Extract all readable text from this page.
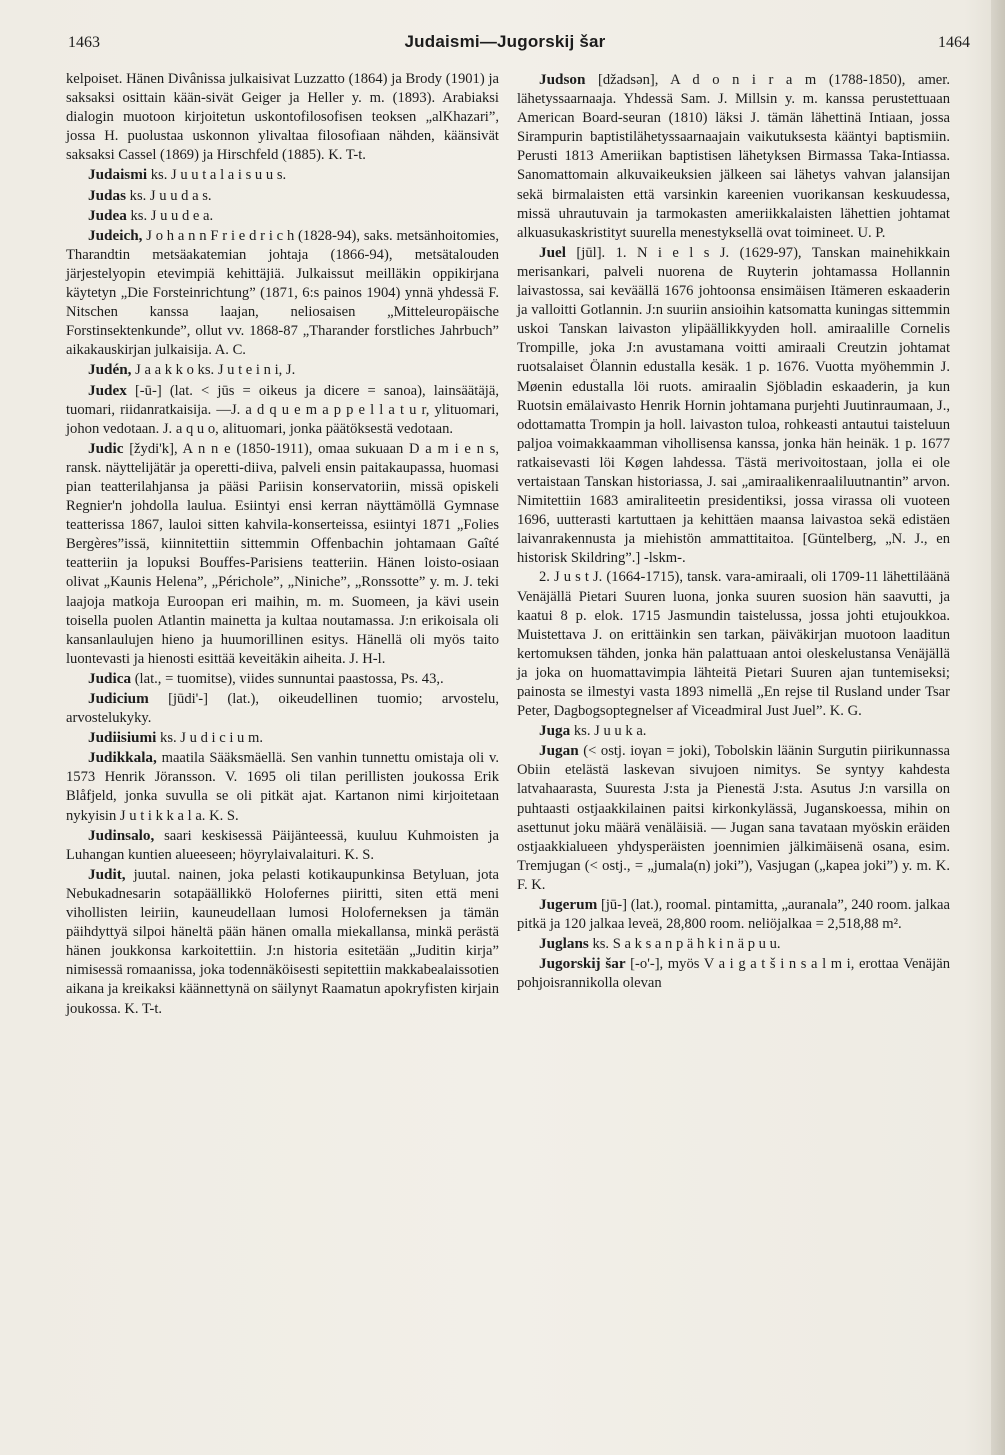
1463	Judaismi—Jugorskij šar	1464

kelpoiset. Hänen Divânissa julkaisivat Luzzatto (1864) ja Brody (1901) ja saksaksi osittain kään-sivät Geiger ja Heller y. m. (1893). Arabiaksi dialogin muotoon kirjoitetun uskontofilosofisen teoksen „alKhazari”, jossa H. puolustaa uskonnon ylivaltaa filosofiaan nähden, käänsivät saksaksi Cassel (1869) ja Hirschfeld (1885). K. T-t.

Judaismi ks. J u u t a l a i s u u s.

Judas ks. J u u d a s.

Judea ks. J u u d e a.

Judeich, J o h a n n F r i e d r i c h (1828-94), saks. metsänhoitomies, Tharandtin metsäakatemian johtaja (1866-94), metsätalouden järjestelyopin etevimpiä kehittäjiä. Julkaissut meilläkin oppikirjana käytetyn „Die Forsteinrichtung” (1871, 6:s painos 1904) ynnä yhdessä F. Nitschen kanssa laajan, neliosaisen „Mitteleuropäische Forstinsektenkunde”, ollut vv. 1868-87 „Tharander forstliches Jahrbuch” aikakauskirjan julkaisija. A. C.

Judén, J a a k k o ks. J u t e i n i, J.

Judex [-ū-] (lat. < jūs = oikeus ja dicere = sanoa), lainsäätäjä, tuomari, riidanratkaisija. —J. a d q u e m a p p e l l a t u r, ylituomari, johon vedotaan. J. a q u o, alituomari, jonka päätöksestä vedotaan.

Judic [žydi'k], A n n e (1850-1911), omaa sukuaan D a m i e n s, ransk. näyttelijätär ja operetti-diiva, palveli ensin paitakaupassa, huomasi pian teatterilahjansa ja pääsi Pariisin konservatoriin, missä opiskeli Regnier'n johdolla laulua. Esiintyi ensi kerran näyttämöllä Gymnase teatterissa 1867, lauloi sitten kahvila-konserteissa, esiintyi 1871 „Folies Bergères”issä, kiinnitettiin sittemmin Offenbachin johtamaan Gaîté teatteriin ja lopuksi Bouffes-Parisiens teatteriin. Hänen loisto-osiaan olivat „Kaunis Helena”, „Périchole”, „Niniche”, „Ronssotte” y. m. J. teki laajoja matkoja Euroopan eri maihin, m. m. Suomeen, ja kävi usein toisella puolen Atlantin mainetta ja kultaa noutamassa. J:n erikoisala oli kansanlaulujen hieno ja huumorillinen esitys. Hänellä oli myös taito luontevasti ja hienosti esittää keveitäkin aiheita. J. H-l.

Judica (lat., = tuomitse), viides sunnuntai paastossa, Ps. 43,.

Judicium [jūdi'-] (lat.), oikeudellinen tuomio; arvostelu, arvostelukyky.

Judiisiumi ks. J u d i c i u m.

Judikkala, maatila Sääksmäellä. Sen vanhin tunnettu omistaja oli v. 1573 Henrik Jöransson. V. 1695 oli tilan perillisten joukossa Erik Blåfjeld, jonka suvulla se oli pitkät ajat. Kartanon nimi kirjoitetaan nykyisin J u t i k k a l a. K. S.

Judinsalo, saari keskisessä Päijänteessä, kuuluu Kuhmoisten ja Luhangan kuntien alueeseen; höyrylaivalaituri. K. S.

Judit, juutal. nainen, joka pelasti kotikaupunkinsa Betyluan, jota Nebukadnesarin sotapäällikkö Holofernes piiritti, siten että meni vihollisten leiriin, kauneudellaan lumosi Holoferneksen ja tämän päihdyttyä silpoi häneltä pään hänen omalla miekallansa, minkä perästä hänen joukkonsa karkoitettiin. J:n historia esitetään „Juditin kirja” nimisessä romaanissa, joka todennäköisesti sepitettiin makkabealaissotien aikana ja kreikaksi käännettynä on säilynyt Raamatun apokryfisten kirjain joukossa. K. T-t.

Judson [džadsən], A d o n i r a m (1788-1850), amer. lähetyssaarnaaja. Yhdessä Sam. J. Millsin y. m. kanssa perustettuaan American Board-seuran (1810) läksi J. tämän lähettinä Intiaan, jossa Sirampurin baptistilähetyssaarnaajain vaikutuksesta kääntyi baptismiin. Perusti 1813 Ameriikan baptistisen lähetyksen Birmassa Taka-Intiassa. Sanomattomain alkuvaikeuksien jälkeen sai lähetys vahvan jalansijan sekä birmalaisten että varsinkin kareenien vuorikansan keskuudessa, missä uhrautuvain ja tarmokasten ameriikkalaisten lähettien johtamat alkuasukaskristityt suurella menestyksellä ovat toimineet. U. P.

Juel [jūl]. 1. N i e l s J. (1629-97), Tanskan mainehikkain merisankari, palveli nuorena de Ruyterin johtamassa Hollannin laivastossa, sai keväällä 1676 johtoonsa ensimäisen Itämeren eskaaderin ja valloitti Gotlannin. J:n suuriin ansioihin katsomatta kuningas sittemmin uskoi Tanskan laivaston ylipäällikkyyden holl. amiraalille Cornelis Trompille, joka J:n avustamana voitti amiraali Creutzin johtamat ruotsalaiset Ölannin edustalla kesäk. 1 p. 1676. Vuotta myöhemmin J. Møenin edustalla löi ruots. amiraalin Sjöbladin eskaaderin, ja kun Ruotsin emälaivasto Henrik Hornin johtamana purjehti Juutinraumaan, J., odottamatta Trompin ja holl. laivaston tuloa, rohkeasti antautui taisteluun paljoa voimakkaamman vihollisensa kanssa, jonka hän heinäk. 1 p. 1677 ratkaisevasti löi Køgen lahdessa. Tästä merivoitostaan, jolla ei ole vertaistaan Tanskan historiassa, J. sai „amiraalikenraaliluutnantin” arvon. Nimitettiin 1683 amiraliteetin presidentiksi, jossa virassa oli vuoteen 1696, uutterasti kartuttaen ja kehittäen maansa laivastoa sekä edistäen laivanrakennusta ja miehistön ammattitaitoa. [Güntelberg, „N. J., en historisk Skildring”.] -lskm-.

2. J u s t J. (1664-1715), tansk. vara-amiraali, oli 1709-11 lähettiläänä Venäjällä Pietari Suuren luona, jonka suuren suosion hän saavutti, ja kaatui 8 p. elok. 1715 Jasmundin taistelussa, jossa johti etujoukkoa. Muistettava J. on erittäinkin sen tarkan, päiväkirjan muotoon laaditun kertomuksen tähden, jonka hän palattuaan antoi oleskelustansa Venäjällä ja joka on huomattavimpia lähteitä Pietari Suuren ajan tuntemiseksi; painosta se ilmestyi vasta 1893 nimellä „En rejse til Rusland under Tsar Peter, Dagbogsoptegnelser af Viceadmiral Just Juel”. K. G.

Juga ks. J u u k a.

Jugan (< ostj. ioγan = joki), Tobolskin läänin Surgutin piirikunnassa Obiin etelästä laskevan sivujoen nimitys. Se syntyy kahdesta latvahaarasta, Suuresta J:sta ja Pienestä J:sta. Asutus J:n varsilla on puhtaasti ostjaakkilainen paitsi kirkonkylässä, Juganskoessa, mihin on asettunut joku määrä venäläisiä. — Jugan sana tavataan myöskin eräiden ostjaakkialueen yhdysperäisten joennimien jälkimäisenä osana, esim. Tremjugan (< ostj., = „jumala(n) joki”), Vasjugan („kapea joki”) y. m. K. F. K.

Jugerum [jū-] (lat.), roomal. pintamitta, „auranala”, 240 room. jalkaa pitkä ja 120 jalkaa leveä, 28,800 room. neliöjalkaa = 2,518,88 m².

Juglans ks. S a k s a n p ä h k i n ä p u u.

Jugorskij šar [-o'-], myös V a i g a t š i n s a l m i, erottaa Venäjän pohjoisrannikolla olevan
